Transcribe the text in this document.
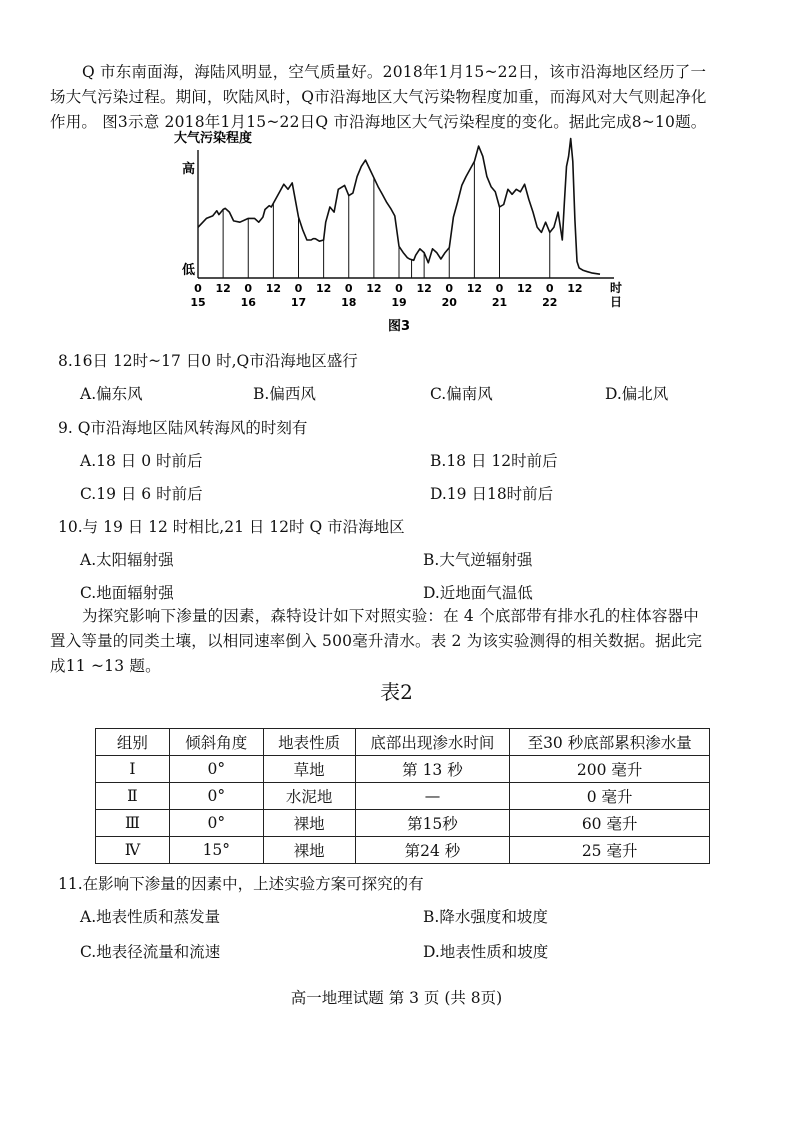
Q 市东南面海，海陆风明显，空气质量好。2018年1月15~22日，该市沿海地区经历了一
场大气污染过程。期间，吹陆风时，Q市沿海地区大气污染物程度加重，而海风对大气则起净化
作用。 图3示意 2018年1月15~22日Q 市沿海地区大气污染程度的变化。据此完成8~10题。
大气污染程度
高
低
时
日
0 12 0 12 0 12 0 12 0 12 0 12 0 12 0 12
15	16	17	18	19	20	21	22
图3
8.16日 12时~17 日0 时,Q市沿海地区盛行
A.偏东风	B.偏西风	C.偏南风	D.偏北风
9. Q市沿海地区陆风转海风的时刻有
A.18 日 0 时前后	B.18 日 12时前后
C.19 日 6 时前后	D.19 日18时前后
10.与 19 日 12 时相比,21 日 12时 Q 市沿海地区
A.太阳辐射强	B.大气逆辐射强
C.地面辐射强	D.近地面气温低
为探究影响下渗量的因素，森特设计如下对照实验：在 4 个底部带有排水孔的柱体容器中
置入等量的同类土壤，以相同速率倒入 500毫升清水。表 2 为该实验测得的相关数据。据此完
成11 ~13 题。
表2
组别	倾斜角度	地表性质	底部出现渗水时间	至30 秒底部累积渗水量
Ⅰ	0°	草地	第 13 秒	200 毫升
Ⅱ	0°	水泥地	—	0 毫升
Ⅲ	0°	裸地	第15秒	60 毫升
Ⅳ	15°	裸地	第24 秒	25 毫升
11.在影响下渗量的因素中，上述实验方案可探究的有
A.地表性质和蒸发量	B.降水强度和坡度
C.地表径流量和流速	D.地表性质和坡度
高一地理试题 第 3 页 (共 8页)
